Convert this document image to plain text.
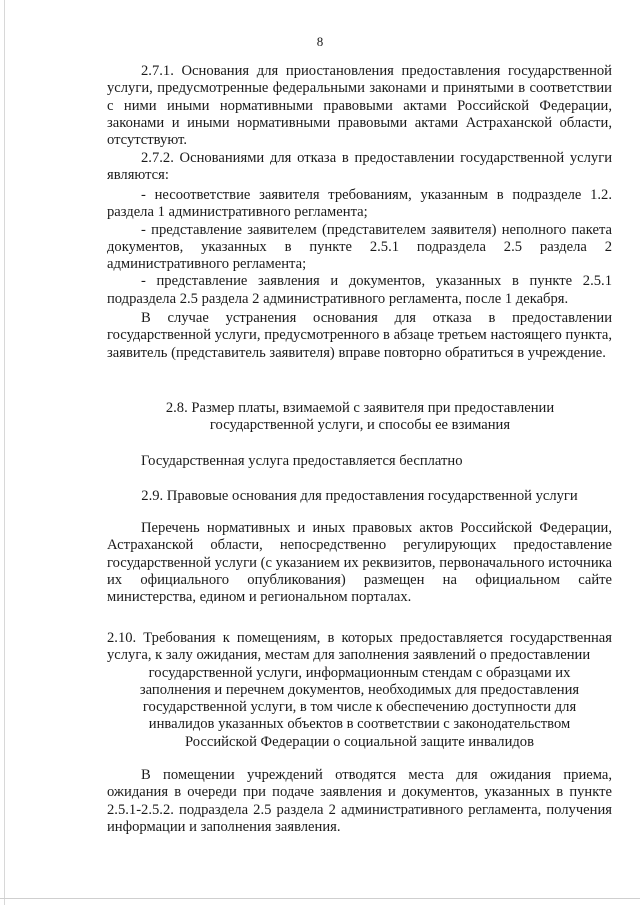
8
2.7.1. Основания для приостановления предоставления государственной услуги, предусмотренные федеральными законами и принятыми в соответствии с ними иными нормативными правовыми актами Российской Федерации, законами и иными нормативными правовыми актами Астраханской области, отсутствуют.
2.7.2. Основаниями для отказа в предоставлении государственной услуги являются:

- несоответствие заявителя требованиям, указанным в подразделе 1.2. раздела 1 административного регламента;

- представление заявителем (представителем заявителя) неполного пакета документов, указанных в пункте 2.5.1 подраздела 2.5 раздела 2 административного регламента;

- представление заявления и документов, указанных в пункте 2.5.1 подраздела 2.5 раздела 2 административного регламента, после 1 декабря.

В случае устранения основания для отказа в предоставлении государственной услуги, предусмотренного в абзаце третьем настоящего пункта, заявитель (представитель заявителя) вправе повторно обратиться в учреждение.
2.8. Размер платы, взимаемой с заявителя при предоставлении государственной услуги, и способы ее взимания
Государственная услуга предоставляется бесплатно
2.9. Правовые основания для предоставления государственной услуги
Перечень нормативных и иных правовых актов Российской Федерации, Астраханской области, непосредственно регулирующих предоставление государственной услуги (с указанием их реквизитов, первоначального источника их официального опубликования) размещен на официальном сайте министерства, едином и региональном порталах.

2.10. Требования к помещениям, в которых предоставляется государственная услуга, к залу ожидания, местам для заполнения заявлений о предоставлении

государственной услуги, информационным стендам с образцами их заполнения и перечнем документов, необходимых для предоставления государственной услуги, в том числе к обеспечению доступности для инвалидов указанных объектов в соответствии с законодательством Российской Федерации о социальной защите инвалидов

В помещении учреждений отводятся места для ожидания приема, ожидания в очереди при подаче заявления и документов, указанных в пункте 2.5.1-2.5.2. подраздела 2.5 раздела 2 административного регламента, получения информации и заполнения заявления.
